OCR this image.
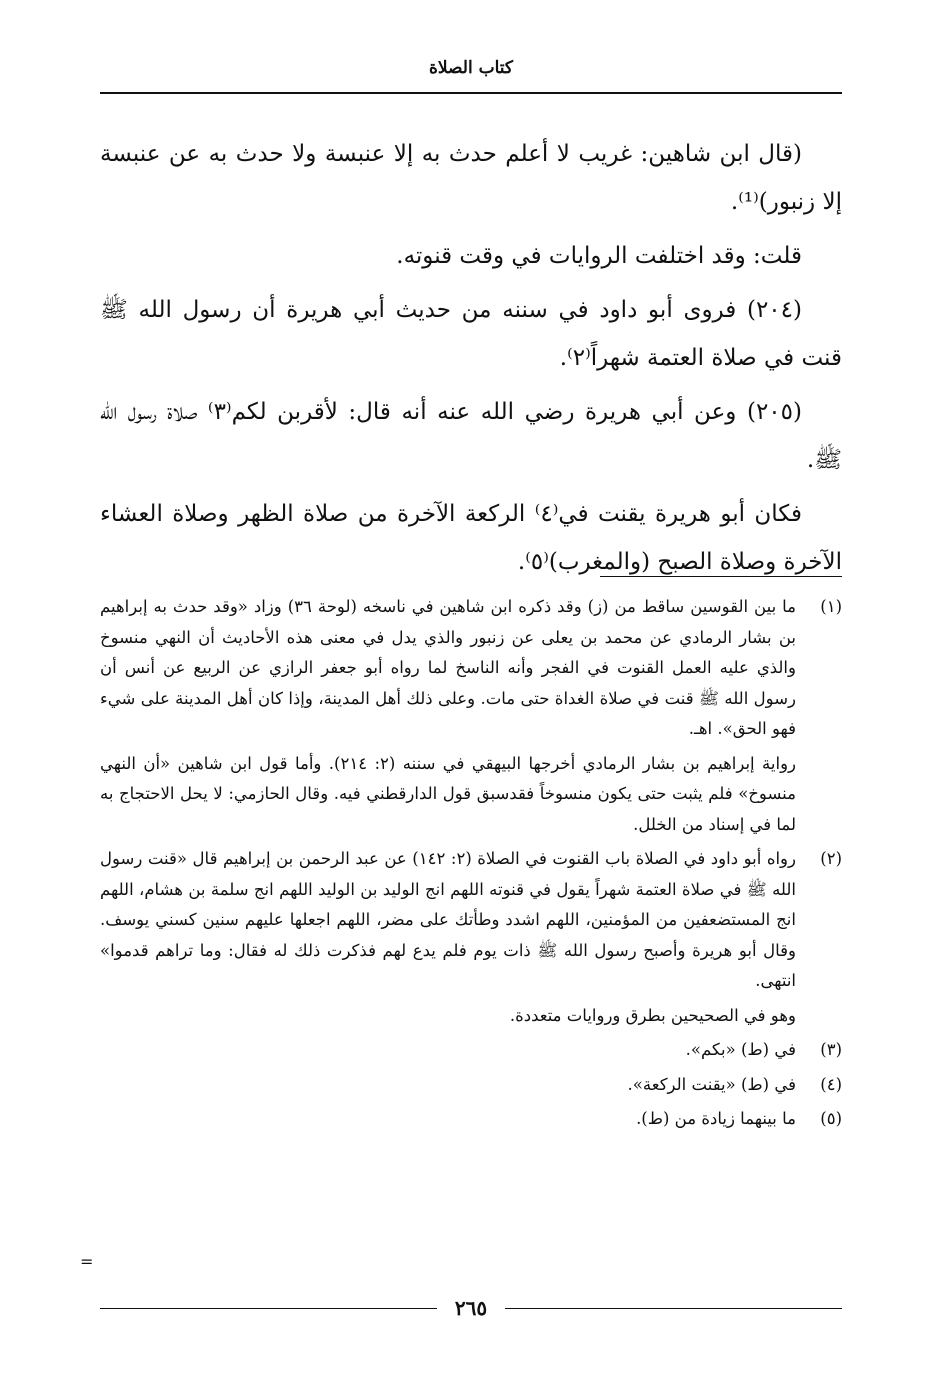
كتاب الصلاة

(قال ابن شاهين: غريب لا أعلم حدث به إلا عنبسة ولا حدث به عن عنبسة إلا زنبور)⁽¹⁾.

قلت: وقد اختلفت الروايات في وقت قنوته.

(٢٠٤) فروى أبو داود في سننه من حديث أبي هريرة أن رسول الله ﷺ قنت في صلاة العتمة شهراً⁽٢⁾.

(٢٠٥) وعن أبي هريرة رضي الله عنه أنه قال: لأقربن لكم⁽٣⁾ صلاة رسول الله ﷺ.

فكان أبو هريرة يقنت في⁽٤⁾ الركعة الآخرة من صلاة الظهر وصلاة العشاء الآخرة وصلاة الصبح (والمغرب)⁽٥⁾.

(١)

ما بين القوسين ساقط من (ز) وقد ذكره ابن شاهين في ناسخه (لوحة ٣٦) وزاد «وقد حدث به إبراهيم بن بشار الرمادي عن محمد بن يعلى عن زنبور والذي يدل في معنى هذه الأحاديث أن النهي منسوخ والذي عليه العمل القنوت في الفجر وأنه الناسخ لما رواه أبو جعفر الرازي عن الربيع عن أنس أن رسول الله ﷺ قنت في صلاة الغداة حتى مات. وعلى ذلك أهل المدينة، وإذا كان أهل المدينة على شيء فهو الحق». اهـ.

رواية إبراهيم بن بشار الرمادي أخرجها البيهقي في سننه (٢: ٢١٤). وأما قول ابن شاهين «أن النهي منسوخ» فلم يثبت حتى يكون منسوخاً فقدسبق قول الدارقطني فيه. وقال الحازمي: لا يحل الاحتجاج به لما في إسناد من الخلل.

(٢)

رواه أبو داود في الصلاة باب القنوت في الصلاة (٢: ١٤٢) عن عبد الرحمن بن إبراهيم قال «قنت رسول الله ﷺ في صلاة العتمة شهراً يقول في قنوته اللهم انج الوليد بن الوليد اللهم انج سلمة بن هشام، اللهم انج المستضعفين من المؤمنين، اللهم اشدد وطأتك على مضر، اللهم اجعلها عليهم سنين كسني يوسف. وقال أبو هريرة وأصبح رسول الله ﷺ ذات يوم فلم يدع لهم فذكرت ذلك له فقال: وما تراهم قدموا» انتهى.

وهو في الصحيحين بطرق وروايات متعددة.

(٣)

في (ط) «بكم».

(٤)

في (ط) «يقنت الركعة».

(٥)

ما بينهما زيادة من (ط).

=
٢٦٥
